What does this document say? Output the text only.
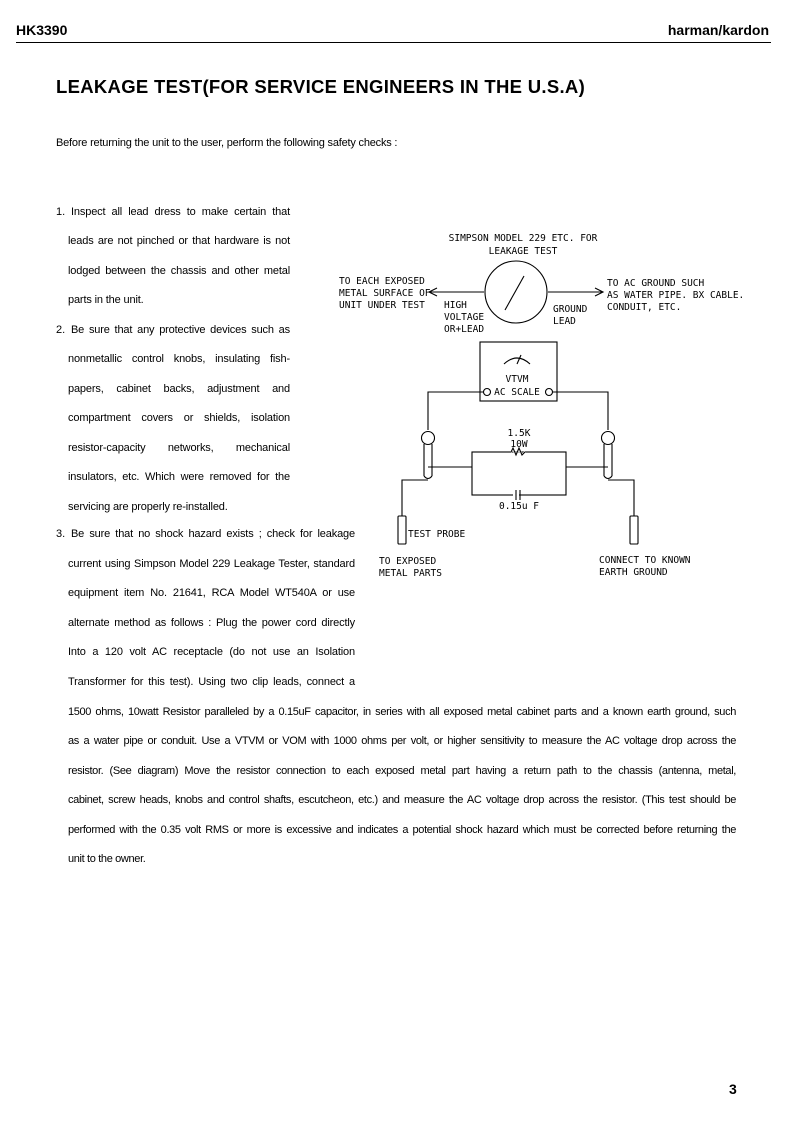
HK3390	harman/kardon
LEAKAGE TEST(FOR SERVICE ENGINEERS IN THE U.S.A)
Before returning the unit to the user, perform the following safety checks :
1. Inspect all lead dress to make certain that
leads are not pinched or that hardware is not
lodged between the chassis and other metal
parts in the unit.
2. Be sure that any protective devices such as
nonmetallic control knobs, insulating fish-
papers, cabinet backs, adjustment and
compartment covers or shields, isolation
resistor-capacity networks, mechanical
insulators, etc. Which were removed for the
servicing are properly re-installed.
3. Be sure that no shock hazard exists ; check for leakage
current using Simpson Model 229 Leakage Tester, standard
equipment item No. 21641, RCA Model WT540A or use
alternate method as follows : Plug the power cord directly
Into a 120 volt AC receptacle (do not use an Isolation
Transformer for this test). Using two clip leads, connect a
1500 ohms, 10watt Resistor paralleled by a 0.15uF capacitor, in series with all exposed metal cabinet parts and a known earth ground, such
as a water pipe or conduit. Use a VTVM or VOM with 1000 ohms per volt, or higher sensitivity to measure the AC voltage drop across the
resistor. (See diagram) Move the resistor connection to each exposed metal part having a return path to the chassis (antenna, metal,
cabinet, screw heads, knobs and control shafts, escutcheon, etc.) and measure the AC voltage drop across the resistor. (This test should be
performed with the 0.35 volt RMS or more is excessive and indicates a potential shock hazard which must be corrected before returning the
unit to the owner.
SIMPSON MODEL 229 ETC. FOR
LEAKAGE TEST
TO EACH EXPOSED
METAL SURFACE OF
UNIT UNDER TEST
TO AC GROUND SUCH
AS WATER PIPE. BX CABLE.
CONDUIT, ETC.
HIGH
VOLTAGE
OR+LEAD
GROUND
LEAD
VTVM
AC SCALE
1.5K
10W
0.15u F
TEST PROBE
TO EXPOSED
METAL PARTS
CONNECT TO KNOWN
EARTH GROUND
3
